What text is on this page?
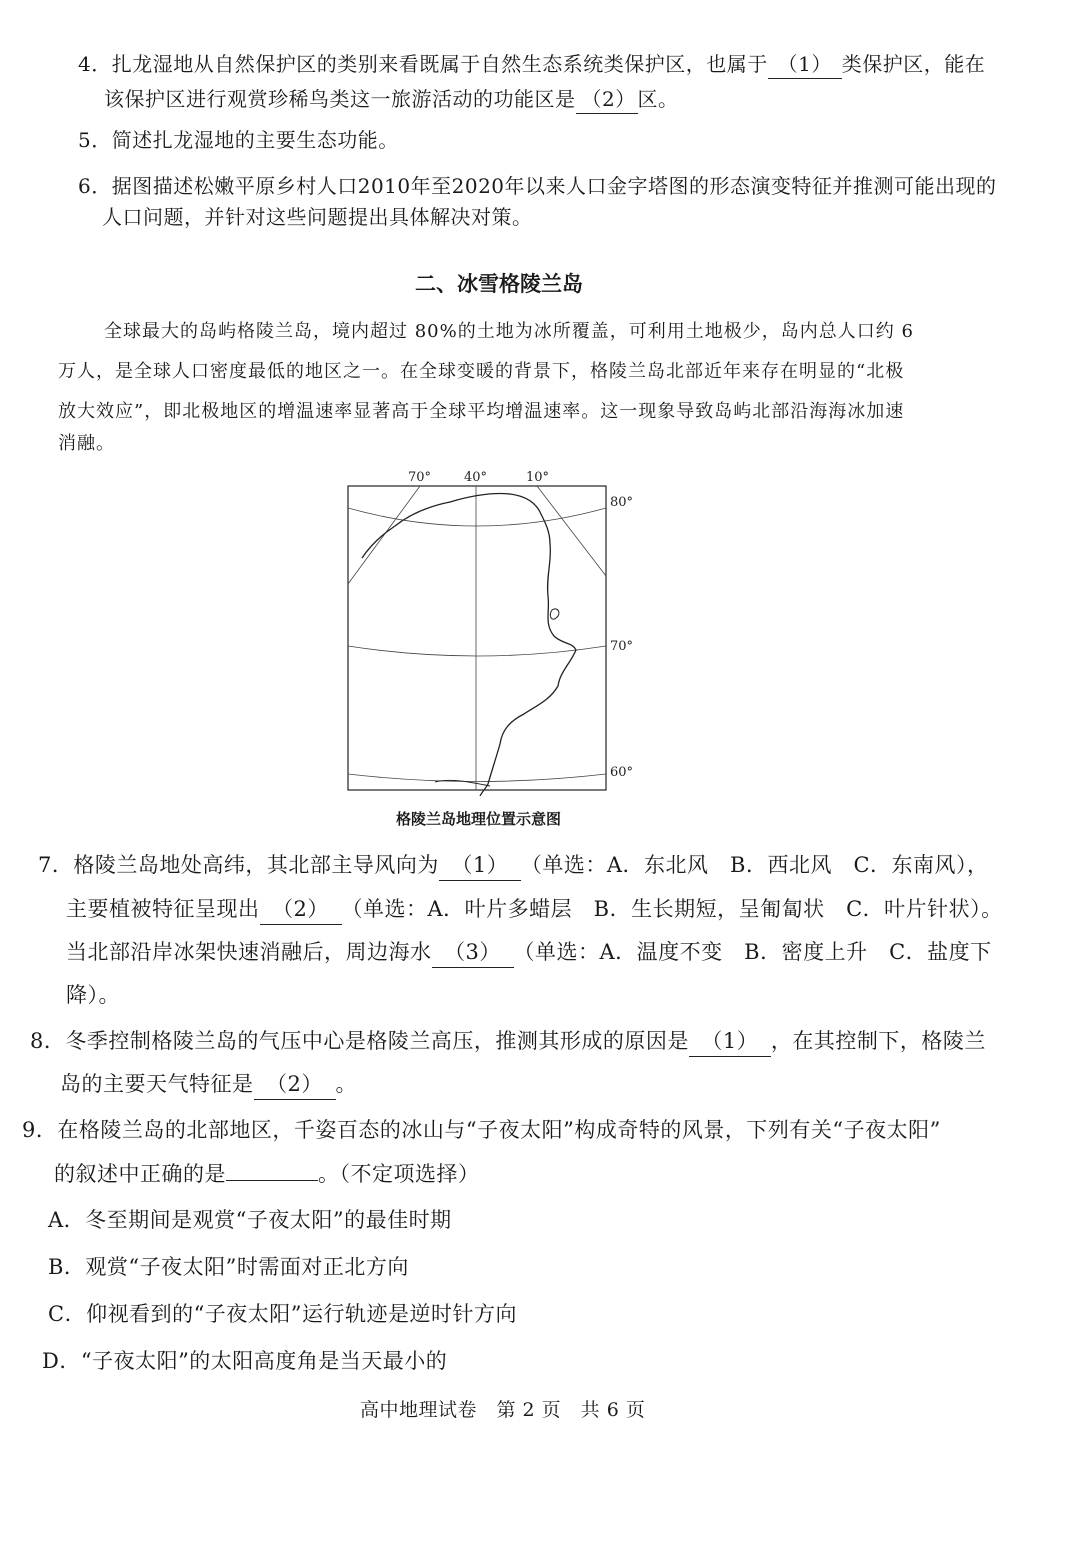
4．扎龙湿地从自然保护区的类别来看既属于自然生态系统类保护区，也属于 （1） 类保护区，能在
该保护区进行观赏珍稀鸟类这一旅游活动的功能区是 （2）区。
5．简述扎龙湿地的主要生态功能。
6．据图描述松嫩平原乡村人口2010年至2020年以来人口金字塔图的形态演变特征并推测可能出现的
人口问题，并针对这些问题提出具体解决对策。
二、冰雪格陵兰岛
全球最大的岛屿格陵兰岛，境内超过 80%的土地为冰所覆盖，可利用土地极少，岛内总人口约 6
万人，是全球人口密度最低的地区之一。在全球变暖的背景下，格陵兰岛北部近年来存在明显的“北极
放大效应”，即北极地区的增温速率显著高于全球平均增温速率。这一现象导致岛屿北部沿海海冰加速
消融。
70°	40°	10°
80°
70°
60°
格陵兰岛地理位置示意图
7．格陵兰岛地处高纬，其北部主导风向为 （1） （单选：A．东北风　B．西北风　C．东南风），
主要植被特征呈现出 （2） （单选：A．叶片多蜡层　B．生长期短，呈匍匐状　C．叶片针状）。
当北部沿岸冰架快速消融后，周边海水 （3） （单选：A．温度不变　B．密度上升　C．盐度下
降）。
8．冬季控制格陵兰岛的气压中心是格陵兰高压，推测其形成的原因是 （1） ，在其控制下，格陵兰
岛的主要天气特征是 （2） 。
9．在格陵兰岛的北部地区，千姿百态的冰山与“子夜太阳”构成奇特的风景，下列有关“子夜太阳”
的叙述中正确的是	。（不定项选择）
A．冬至期间是观赏“子夜太阳”的最佳时期
B．观赏“子夜太阳”时需面对正北方向
C．仰视看到的“子夜太阳”运行轨迹是逆时针方向
D．“子夜太阳”的太阳高度角是当天最小的
高中地理试卷　第 2 页　共 6 页
